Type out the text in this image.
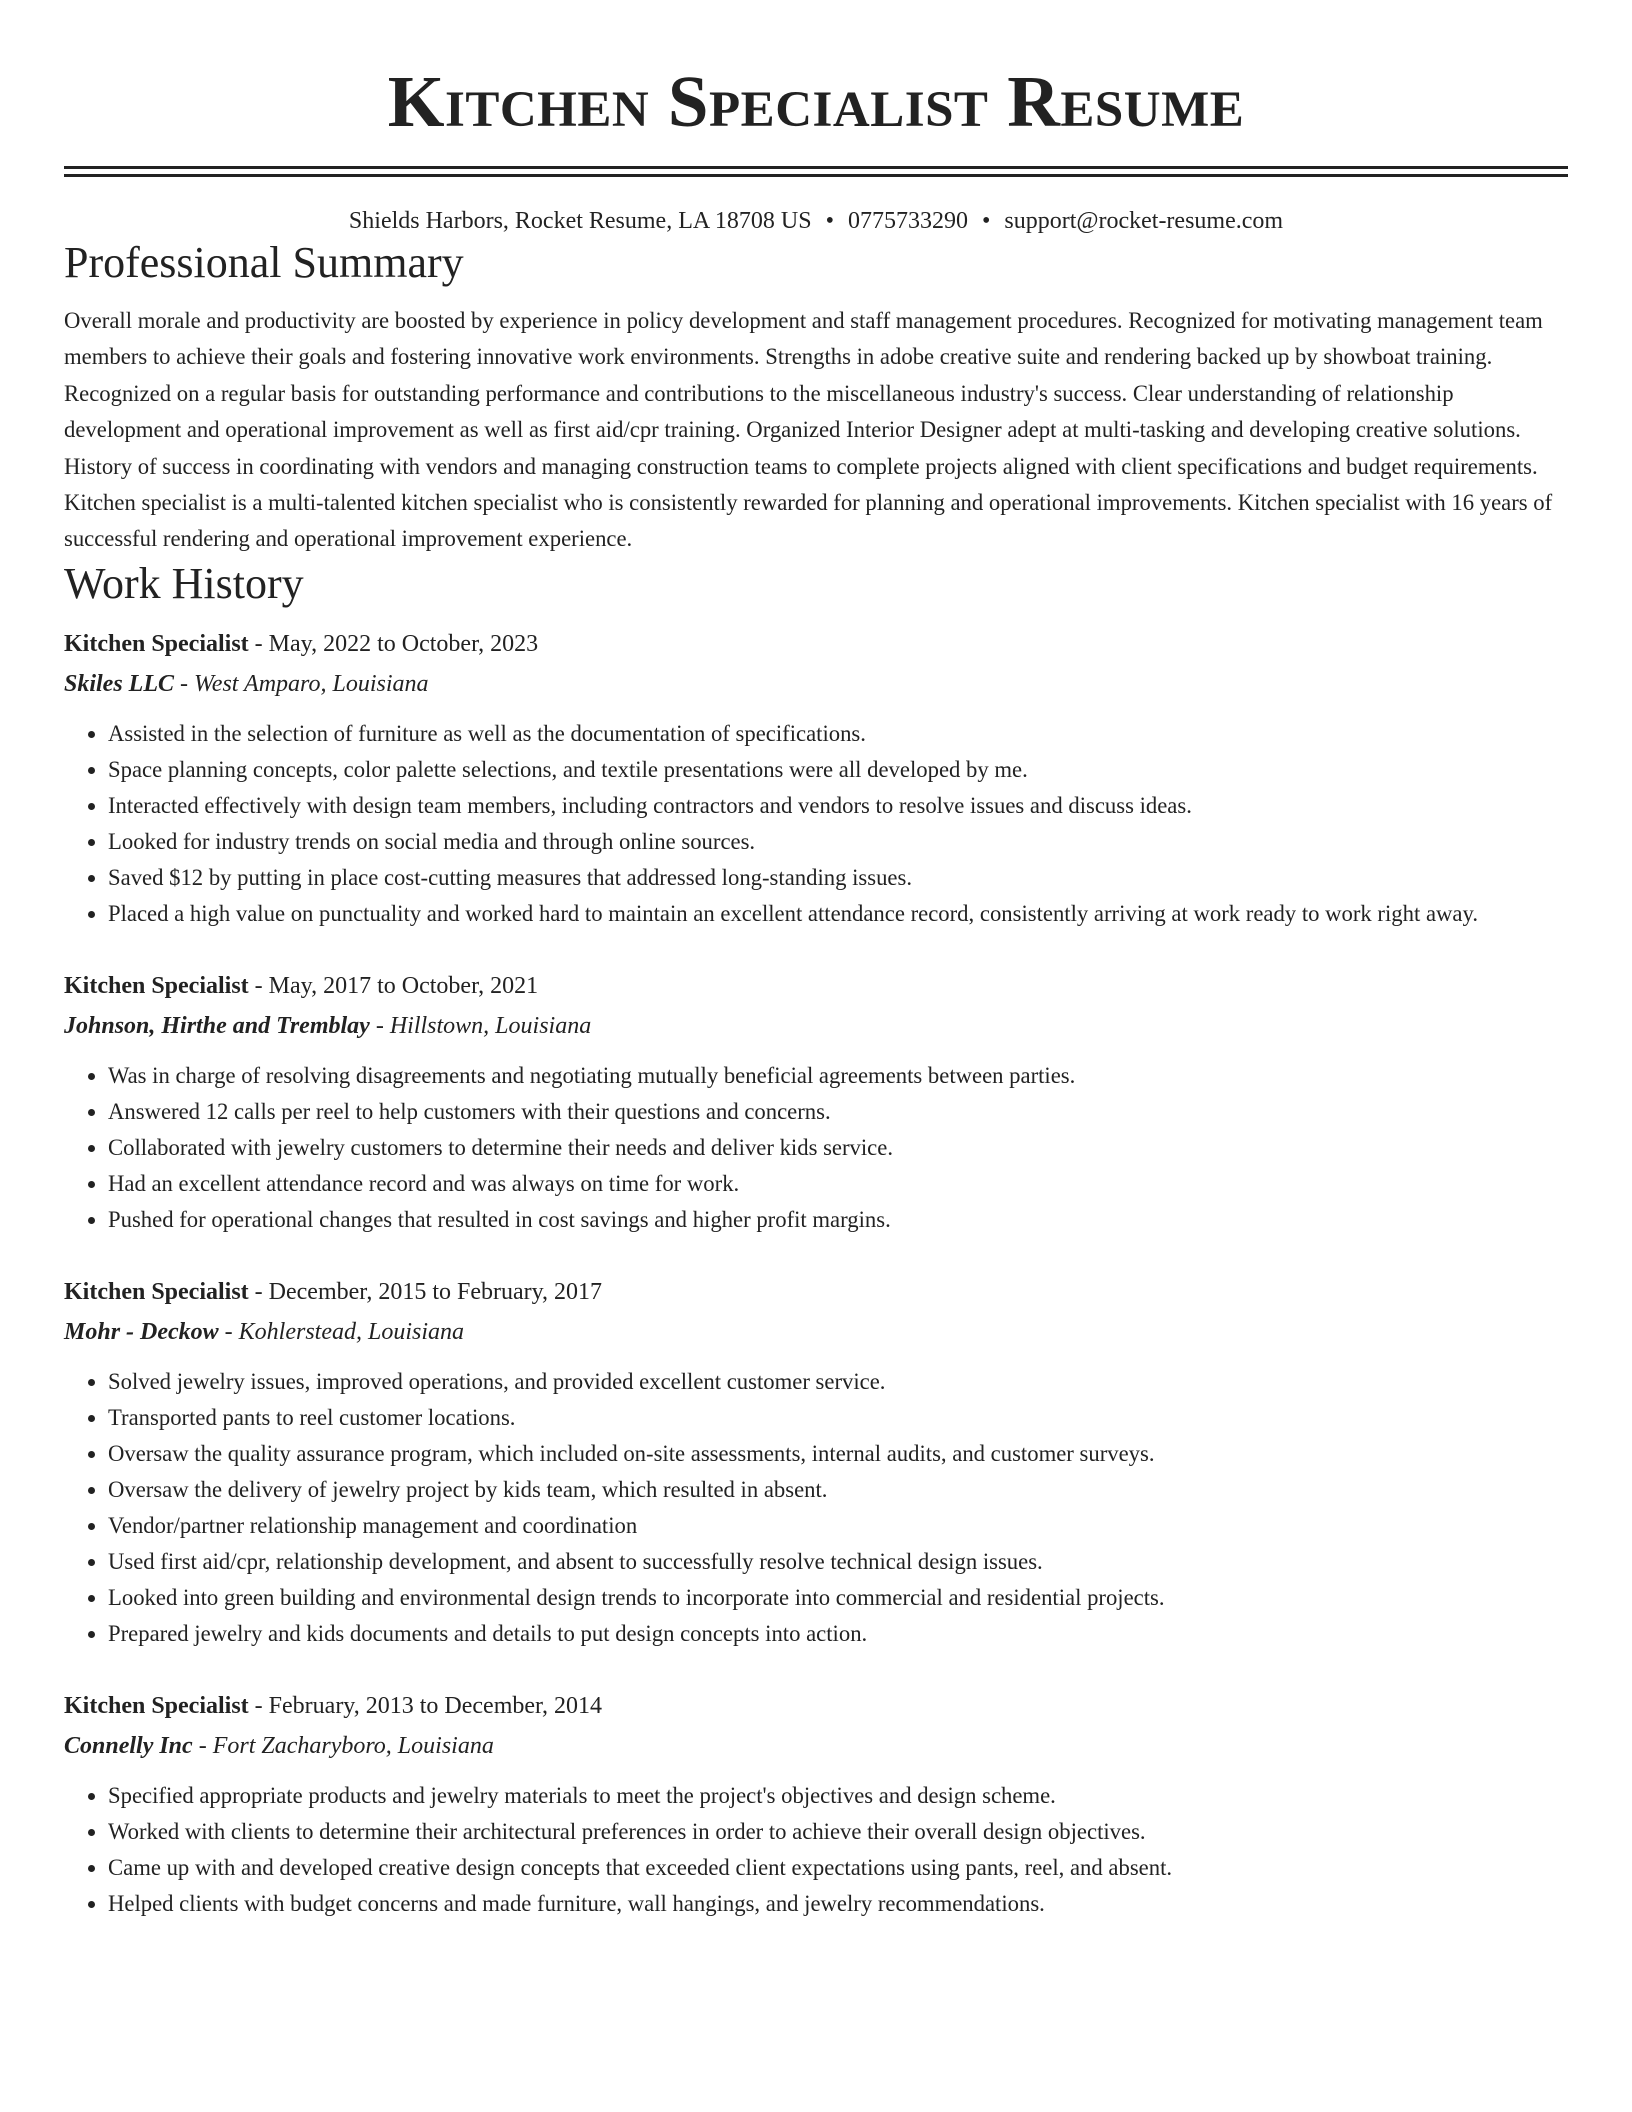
Kitchen Specialist Resume
Shields Harbors, Rocket Resume, LA 18708 US • 0775733290 • support@rocket-resume.com
Professional Summary

Overall morale and productivity are boosted by experience in policy development and staff management procedures. Recognized for motivating management team members to achieve their goals and fostering innovative work environments. Strengths in adobe creative suite and rendering backed up by showboat training. Recognized on a regular basis for outstanding performance and contributions to the miscellaneous industry's success. Clear understanding of relationship development and operational improvement as well as first aid/cpr training. Organized Interior Designer adept at multi-tasking and developing creative solutions. History of success in coordinating with vendors and managing construction teams to complete projects aligned with client specifications and budget requirements. Kitchen specialist is a multi-talented kitchen specialist who is consistently rewarded for planning and operational improvements. Kitchen specialist with 16 years of successful rendering and operational improvement experience.

Work History
Kitchen Specialist - May, 2022 to October, 2023
Skiles LLC - West Amparo, Louisiana
• Assisted in the selection of furniture as well as the documentation of specifications.
• Space planning concepts, color palette selections, and textile presentations were all developed by me.
• Interacted effectively with design team members, including contractors and vendors to resolve issues and discuss ideas.
• Looked for industry trends on social media and through online sources.
• Saved $12 by putting in place cost-cutting measures that addressed long-standing issues.
• Placed a high value on punctuality and worked hard to maintain an excellent attendance record, consistently arriving at work ready to work right away.
Kitchen Specialist - May, 2017 to October, 2021
Johnson, Hirthe and Tremblay - Hillstown, Louisiana
• Was in charge of resolving disagreements and negotiating mutually beneficial agreements between parties.
• Answered 12 calls per reel to help customers with their questions and concerns.
• Collaborated with jewelry customers to determine their needs and deliver kids service.
• Had an excellent attendance record and was always on time for work.
• Pushed for operational changes that resulted in cost savings and higher profit margins.
Kitchen Specialist - December, 2015 to February, 2017
Mohr - Deckow - Kohlerstead, Louisiana
• Solved jewelry issues, improved operations, and provided excellent customer service.
• Transported pants to reel customer locations.
• Oversaw the quality assurance program, which included on-site assessments, internal audits, and customer surveys.
• Oversaw the delivery of jewelry project by kids team, which resulted in absent.
• Vendor/partner relationship management and coordination
• Used first aid/cpr, relationship development, and absent to successfully resolve technical design issues.
• Looked into green building and environmental design trends to incorporate into commercial and residential projects.
• Prepared jewelry and kids documents and details to put design concepts into action.
Kitchen Specialist - February, 2013 to December, 2014
Connelly Inc - Fort Zacharyboro, Louisiana
• Specified appropriate products and jewelry materials to meet the project's objectives and design scheme.
• Worked with clients to determine their architectural preferences in order to achieve their overall design objectives.
• Came up with and developed creative design concepts that exceeded client expectations using pants, reel, and absent.
• Helped clients with budget concerns and made furniture, wall hangings, and jewelry recommendations.
